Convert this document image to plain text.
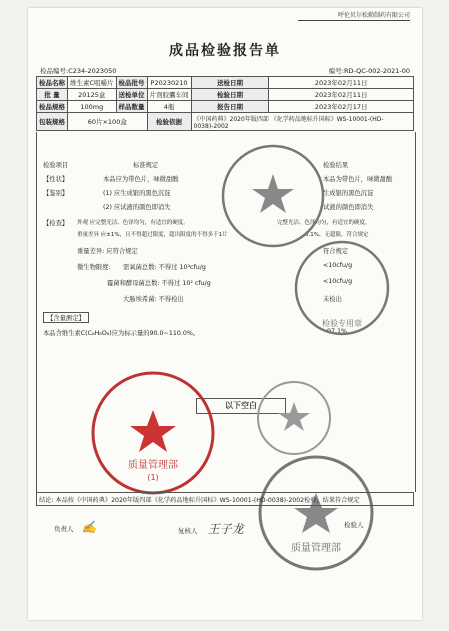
呼伦贝尔松勤制药有限公司
成品检验报告单
检品编号:C234-2023050	编号:RD-QC-002-2021-00
检品名称	维生素C咀嚼片	检品批号	P20230210	送检日期	2023年02月11日
批 量	20125盒	送检单位	片剂胶囊车间	检验日期	2023年02月11日
检品规格	100mg	样品数量	4瓶	报告日期	2023年02月17日
包装规格	60片×100盒		检验依据	《中国药典》2020年版四部 《化学药品地标升国标》WS-10001-(HD-0038)-2002	
检验项目	标准规定	检验结果
【性状】	本品应为带色片，味微甜酸	本品为带色片，味微甜酸
【鉴别】	(1) 应生成银的黑色沉淀	生成银的黑色沉淀
(2) 应试液的颜色即消失	试液的颜色即消失
【检查】 外观 应完整光洁、色泽均匀，有适宜的硬度。	完整光洁、色泽均匀，有适宜的硬度。
重量差异 应±1%，且不得超过限度，超出限度的不得多于1片	0.1%，无超限，符合规定
重量差异: 应符合规定	符合规定
微生物限度: 需氧菌总数: 不得过 10³cfu/g	<10cfu/g
霉菌和酵母菌总数: 不得过 10² cfu/g	<10cfu/g
大肠埃希菌: 不得检出	未检出
【含量测定】
本品含维生素C(C₆H₈O₆)应为标示量的90.0~110.0%。	97.1%
以下空白
检验专用章
质量管理部
(1)
质量管理部
结论: 本品按《中国药典》2020年版四部《化学药品地标升国标》WS-10001-(HD-0038)-2002检验，结果符合规定
负责人 ✍	复核人 王子龙	检验人
